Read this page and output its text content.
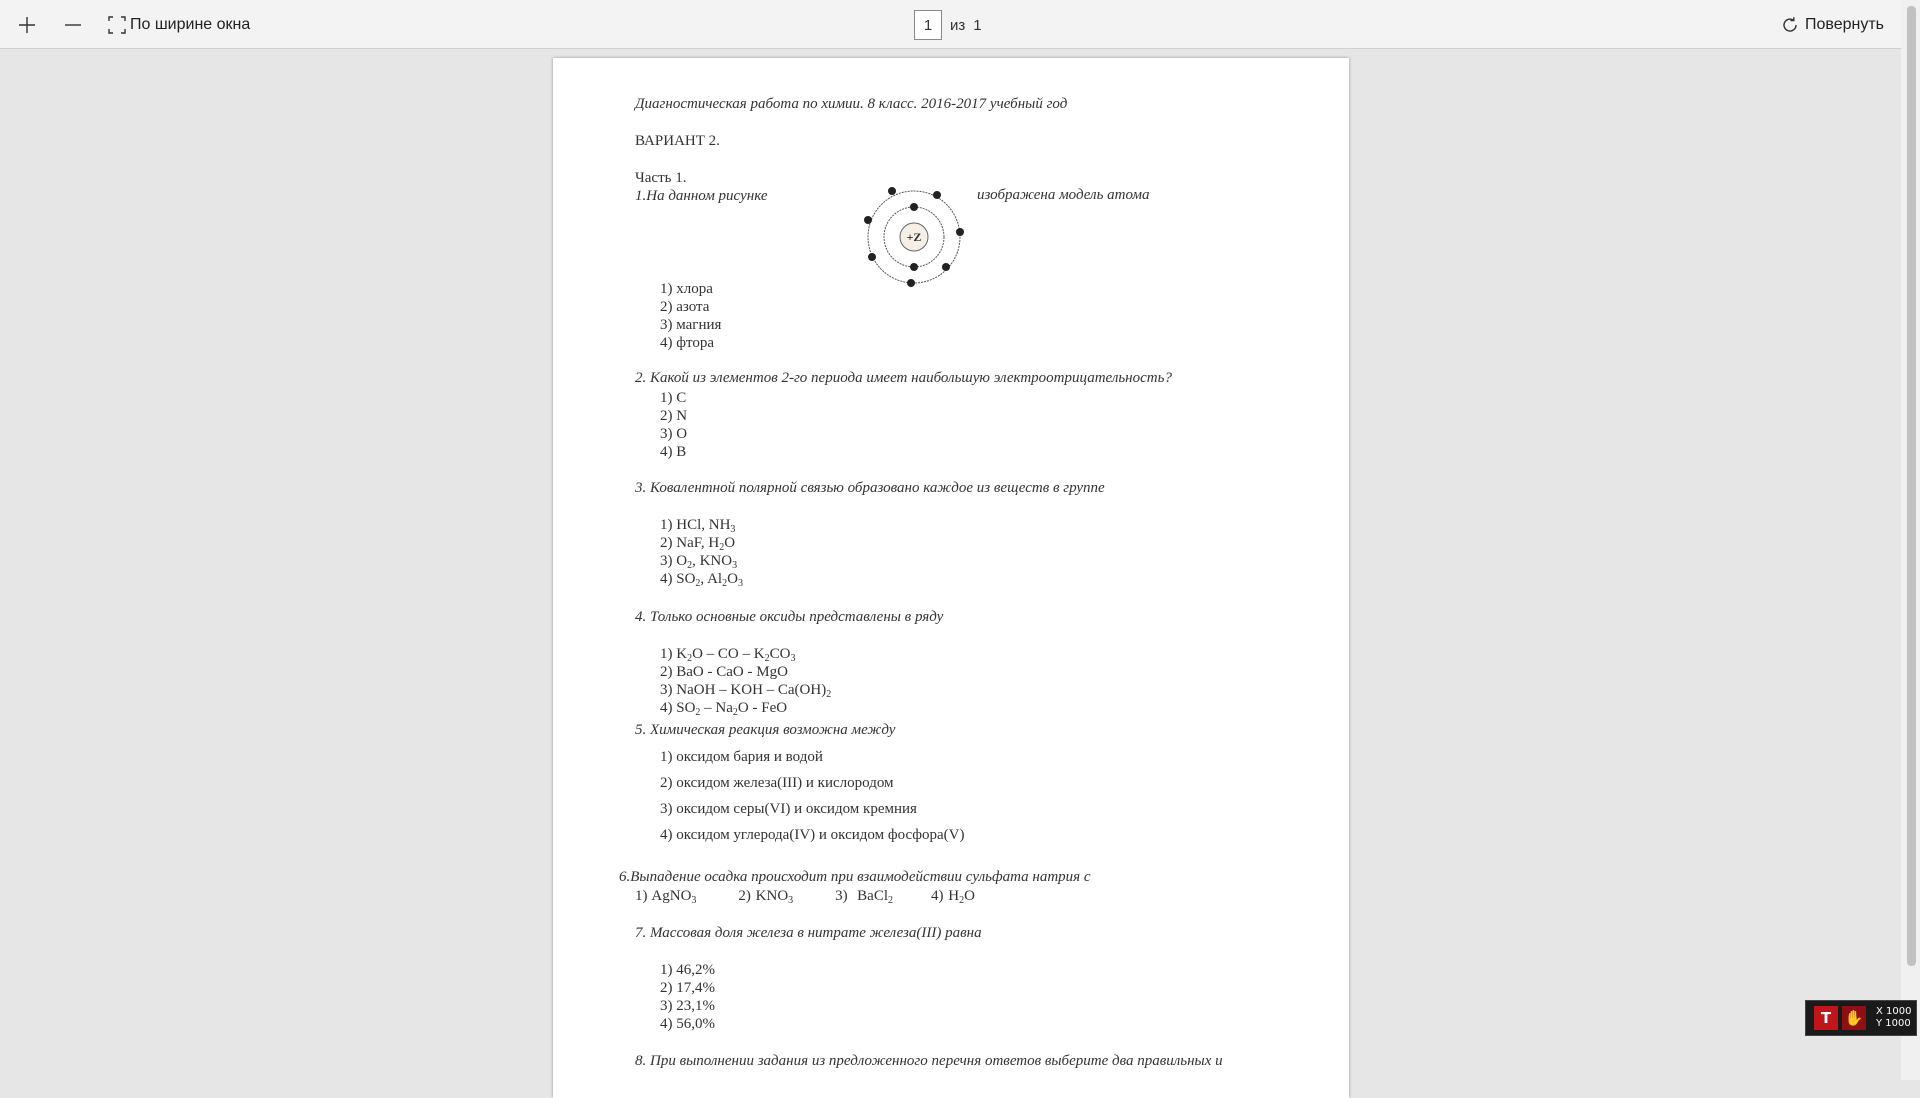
По ширине окна
1	из 1	Повернуть
Диагностическая работа по химии. 8 класс. 2016-2017 учебный год
ВАРИАНТ 2.
Часть 1.
1.На данном рисунке
+Z
изображена модель атома
1) хлора
2) азота
3) магния
4) фтора
2. Какой из элементов 2-го периода имеет наибольшую электроотрицательность?
1) C
2) N
3) O
4) B
3. Ковалентной полярной связью образовано каждое из веществ в группе
1) HCl, $NH_3$
2) NaF, $H_2O$
3) $O_2$, $KNO_3$
4) $SO_2$, $Al_2O_3$
4. Только основные оксиды представлены в ряду
1) $K_2O$ – CO – $K_2CO_3$
2) BaO - CaO - MgO
3) NaOH – KOH – $Ca(OH)_2$
4) $SO_2 - Na_2O$ - FeO
5. Химическая реакция возможна между
1) оксидом бария и водой
2) оксидом железа(III) и кислородом
3) оксидом серы(VI) и оксидом кремния
4) оксидом углерода(IV) и оксидом фосфора(V)
6.Выпадение осадка происходит при взаимодействии сульфата натрия с
1) AgNO$_3$	2) $KNO_3$	3)  BaCl$_2$	4) $H_2O$
7. Массовая доля железа в нитрате железа(III) равна
1) 46,2%
2) 17,4%
3) 23,1%
4) 56,0%
8. При выполнении задания из предложенного перечня ответов выберите два правильных и
T ✋ X 1000
Y 1000
